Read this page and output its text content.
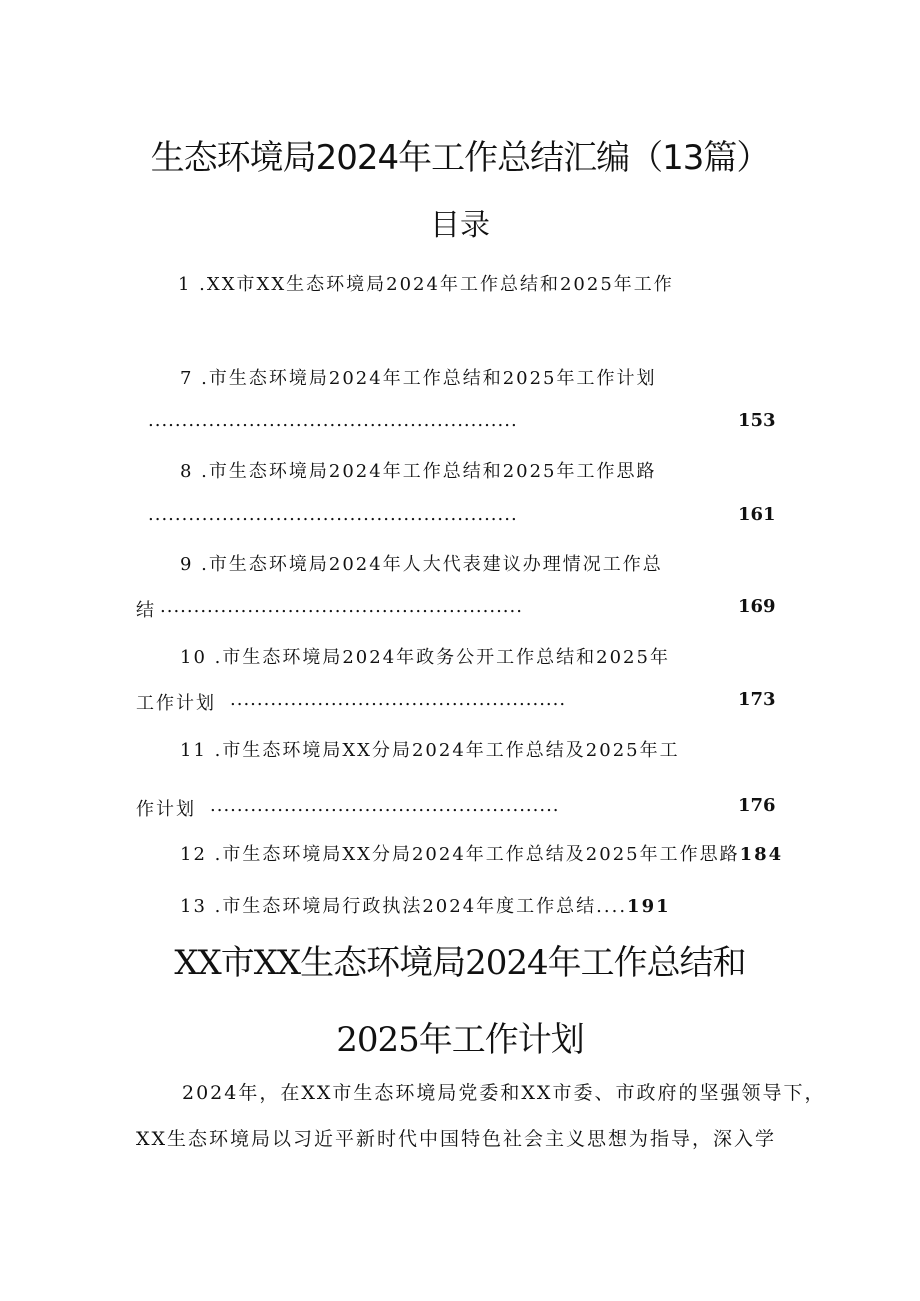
生态环境局2024年工作总结汇编（13篇）
目录
1 .XX市XX生态环境局2024年工作总结和2025年工作
7 .市生态环境局2024年工作总结和2025年工作计划
.......................................................	153
8 .市生态环境局2024年工作总结和2025年工作思路
.......................................................	161
9 .市生态环境局2024年人大代表建议办理情况工作总
结 ......................................................	169
10 .市生态环境局2024年政务公开工作总结和2025年
工作计划 ..................................................	173
11 .市生态环境局XX分局2024年工作总结及2025年工
作计划 ....................................................	176
12 .市生态环境局XX分局2024年工作总结及2025年工作思路184
13 .市生态环境局行政执法2024年度工作总结....191
XX市XX生态环境局2024年工作总结和
2025年工作计划
2024年，在XX市生态环境局党委和XX市委、市政府的坚强领导下，
XX生态环境局以习近平新时代中国特色社会主义思想为指导，深入学
